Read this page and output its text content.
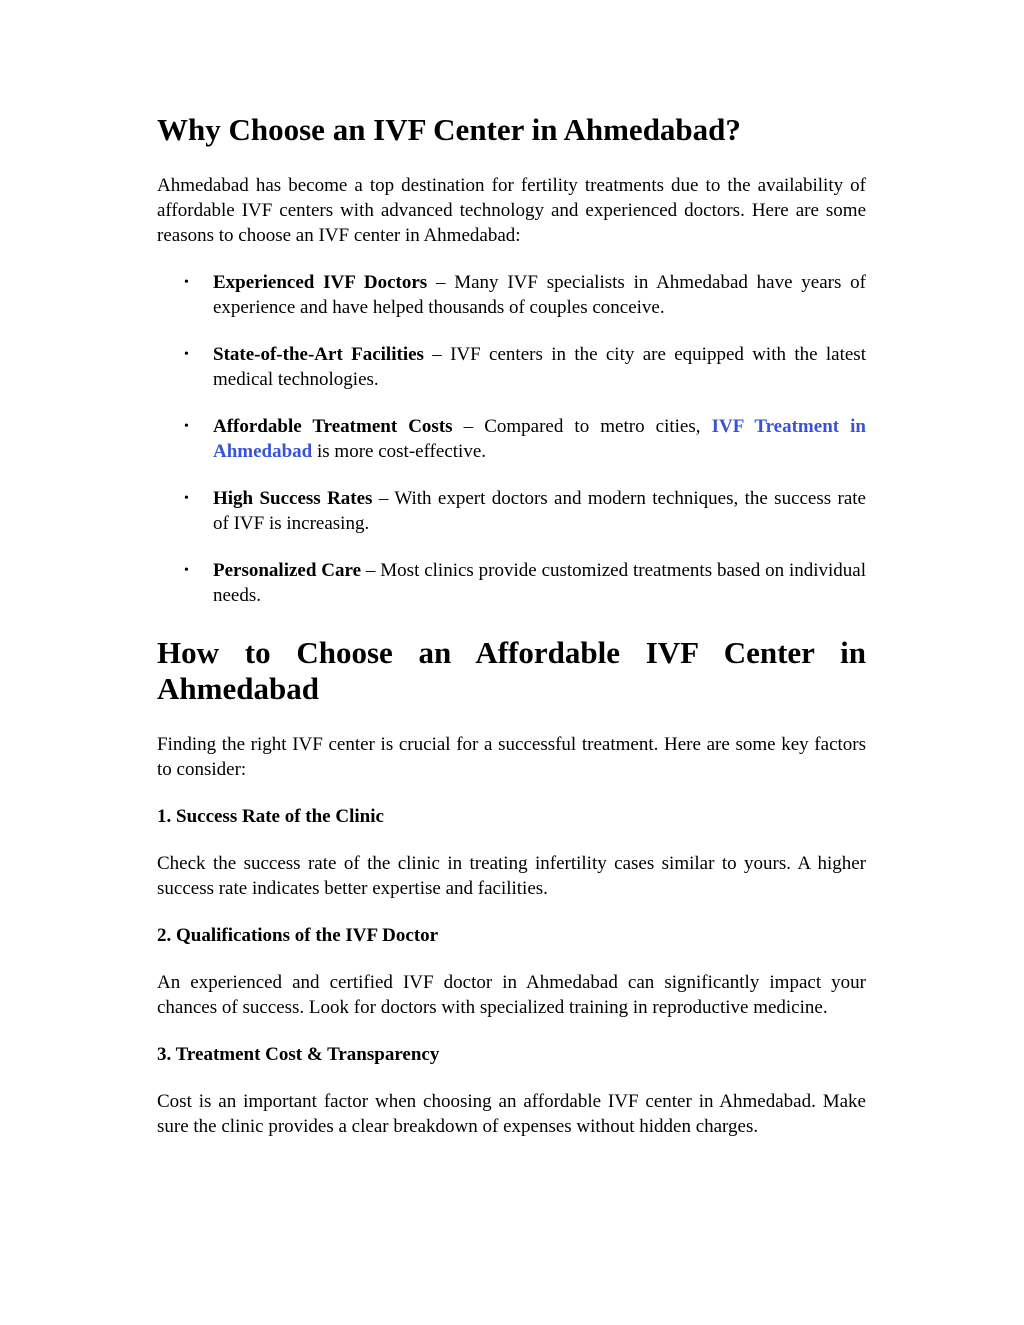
Why Choose an IVF Center in Ahmedabad?

Ahmedabad has become a top destination for fertility treatments due to the availability of affordable IVF centers with advanced technology and experienced doctors. Here are some reasons to choose an IVF center in Ahmedabad:

• Experienced IVF Doctors – Many IVF specialists in Ahmedabad have years of experience and have helped thousands of couples conceive.
• State-of-the-Art Facilities – IVF centers in the city are equipped with the latest medical technologies.
• Affordable Treatment Costs – Compared to metro cities, IVF Treatment in Ahmedabad is more cost-effective.
• High Success Rates – With expert doctors and modern techniques, the success rate of IVF is increasing.
• Personalized Care – Most clinics provide customized treatments based on individual needs.
How to Choose an Affordable IVF Center in
Ahmedabad

Finding the right IVF center is crucial for a successful treatment. Here are some key factors to consider:

1. Success Rate of the Clinic

Check the success rate of the clinic in treating infertility cases similar to yours. A higher success rate indicates better expertise and facilities.

2. Qualifications of the IVF Doctor

An experienced and certified IVF doctor in Ahmedabad can significantly impact your chances of success. Look for doctors with specialized training in reproductive medicine.

3. Treatment Cost & Transparency

Cost is an important factor when choosing an affordable IVF center in Ahmedabad. Make sure the clinic provides a clear breakdown of expenses without hidden charges.
